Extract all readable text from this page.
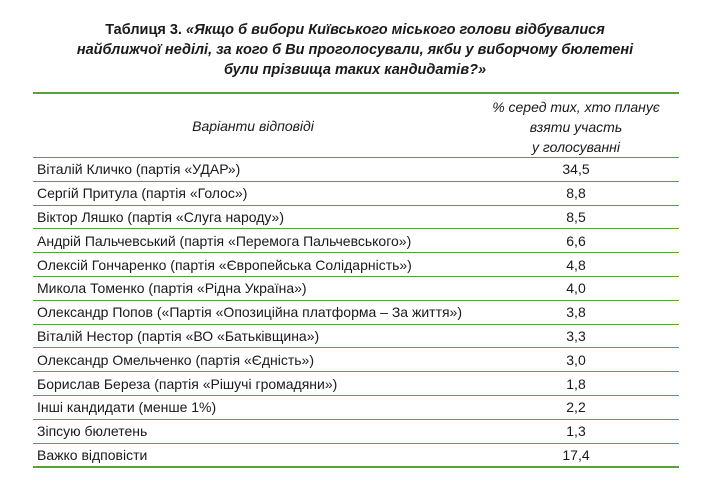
Таблиця 3. «Якщо б вибори Київського міського голови відбувалися
найближчої неділі, за кого б Ви проголосували, якби у виборчому бюлетені
були прізвища таких кандидатів?»
Варіанти відповіді	% серед тих, хто планує
взяти участь
у голосуванні

Віталій Кличко (партія «УДАР»)	34,5
Сергій Притула (партія «Голос»)	8,8
Віктор Ляшко (партія «Слуга народу»)	8,5
Андрій Пальчевський (партія «Перемога Пальчевського»)	6,6
Олексій Гончаренко (партія «Європейська Солідарність»)	4,8
Микола Томенко (партія «Рідна Україна»)	4,0
Олександр Попов («Партія «Опозиційна платформа – За життя»)	3,8
Віталій Нестор (партія «ВО «Батьківщина»)	3,3
Олександр Омельченко (партія «Єдність»)	3,0
Борислав Береза (партія «Рішучі громадяни»)	1,8
Інші кандидати (менше 1%)	2,2
Зіпсую бюлетень	1,3
Важко відповісти	17,4
